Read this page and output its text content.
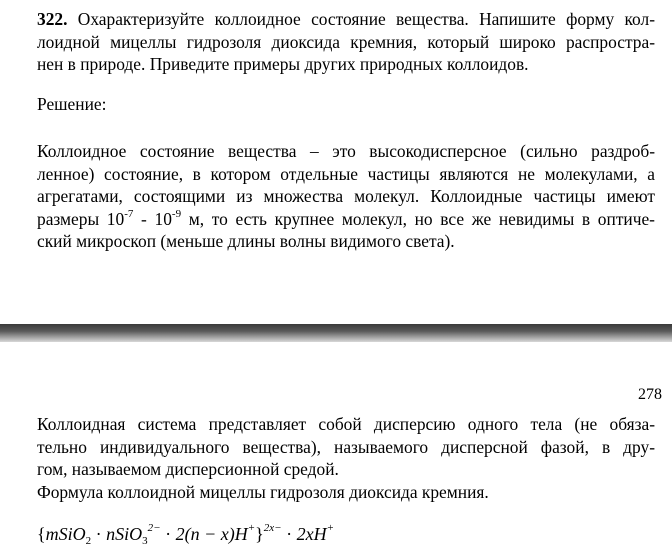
322. Охарактеризуйте коллоидное состояние вещества. Напишите форму кол-
лоидной мицеллы гидрозоля диоксида кремния, который широко распростра-
нен в природе. Приведите примеры других природных коллоидов.

Решение:

Коллоидное состояние вещества – это высокодисперсное (сильно раздроб-
ленное) состояние, в котором отдельные частицы являются не молекулами, а
агрегатами, состоящими из множества молекул. Коллоидные частицы имеют
размеры $10^{-7} - 10^{-9}$ м, то есть крупнее молекул, но все же невидимы в оптиче-
ский микроскоп (меньше длины волны видимого света).

278

Коллоидная система представляет собой дисперсию одного тела (не обяза-
тельно индивидуального вещества), называемого дисперсной фазой, в дру-
гом, называемом дисперсионной средой.
Формула коллоидной мицеллы гидрозоля диоксида кремния.

{mSiO$_2$ · nSiO$_3^{2-}$ · 2(n − x)H+}$^{2x-}$ · 2xH+
